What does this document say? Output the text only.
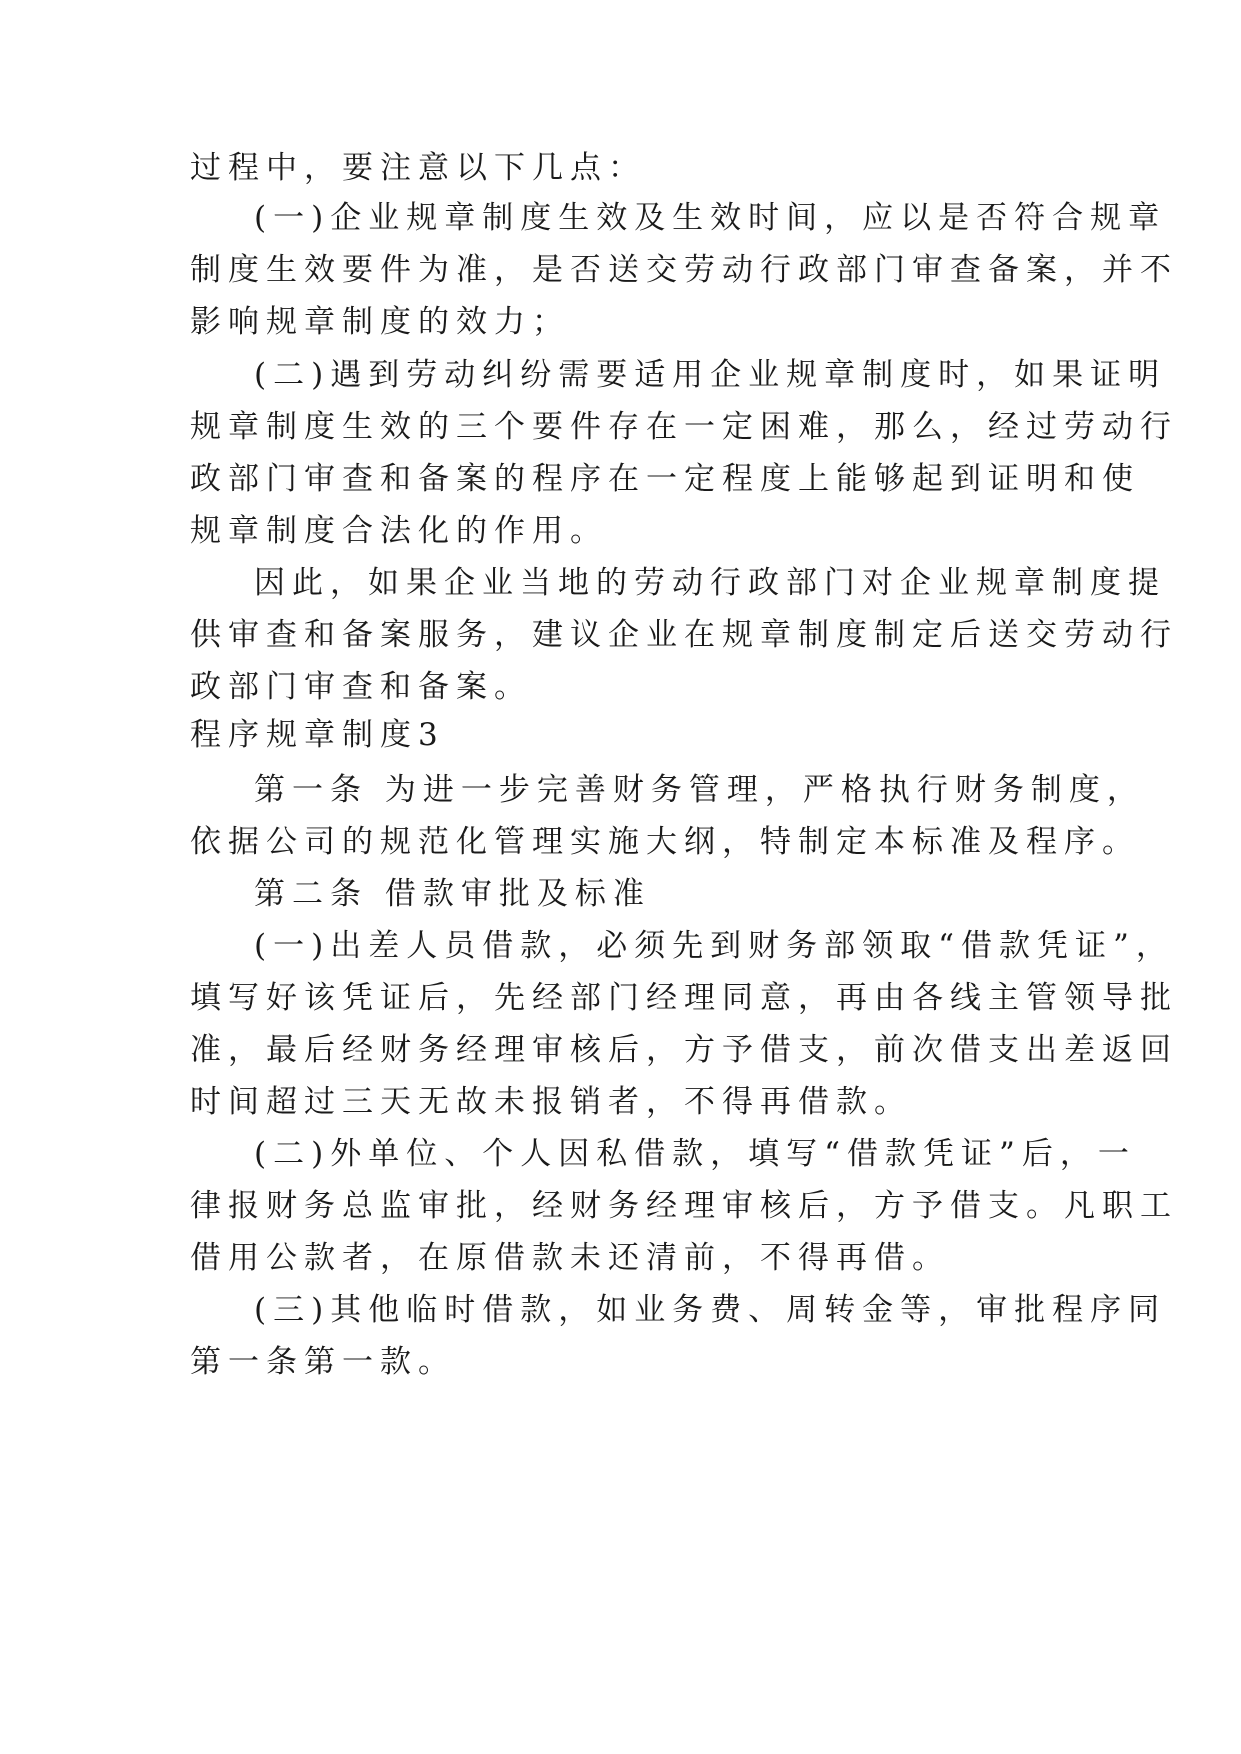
过程中，要注意以下几点：
(一)企业规章制度生效及生效时间，应以是否符合规章
制度生效要件为准，是否送交劳动行政部门审查备案，并不
影响规章制度的效力；
(二)遇到劳动纠纷需要适用企业规章制度时，如果证明
规章制度生效的三个要件存在一定困难，那么，经过劳动行
政部门审查和备案的程序在一定程度上能够起到证明和使
规章制度合法化的作用。
因此，如果企业当地的劳动行政部门对企业规章制度提
供审查和备案服务，建议企业在规章制度制定后送交劳动行
政部门审查和备案。
程序规章制度3
第一条 为进一步完善财务管理，严格执行财务制度，
依据公司的规范化管理实施大纲，特制定本标准及程序。
第二条 借款审批及标准
(一)出差人员借款，必须先到财务部领取“借款凭证”，
填写好该凭证后，先经部门经理同意，再由各线主管领导批
准，最后经财务经理审核后，方予借支，前次借支出差返回
时间超过三天无故未报销者，不得再借款。
(二)外单位、个人因私借款，填写“借款凭证”后，一
律报财务总监审批，经财务经理审核后，方予借支。凡职工
借用公款者，在原借款未还清前，不得再借。
(三)其他临时借款，如业务费、周转金等，审批程序同
第一条第一款。
